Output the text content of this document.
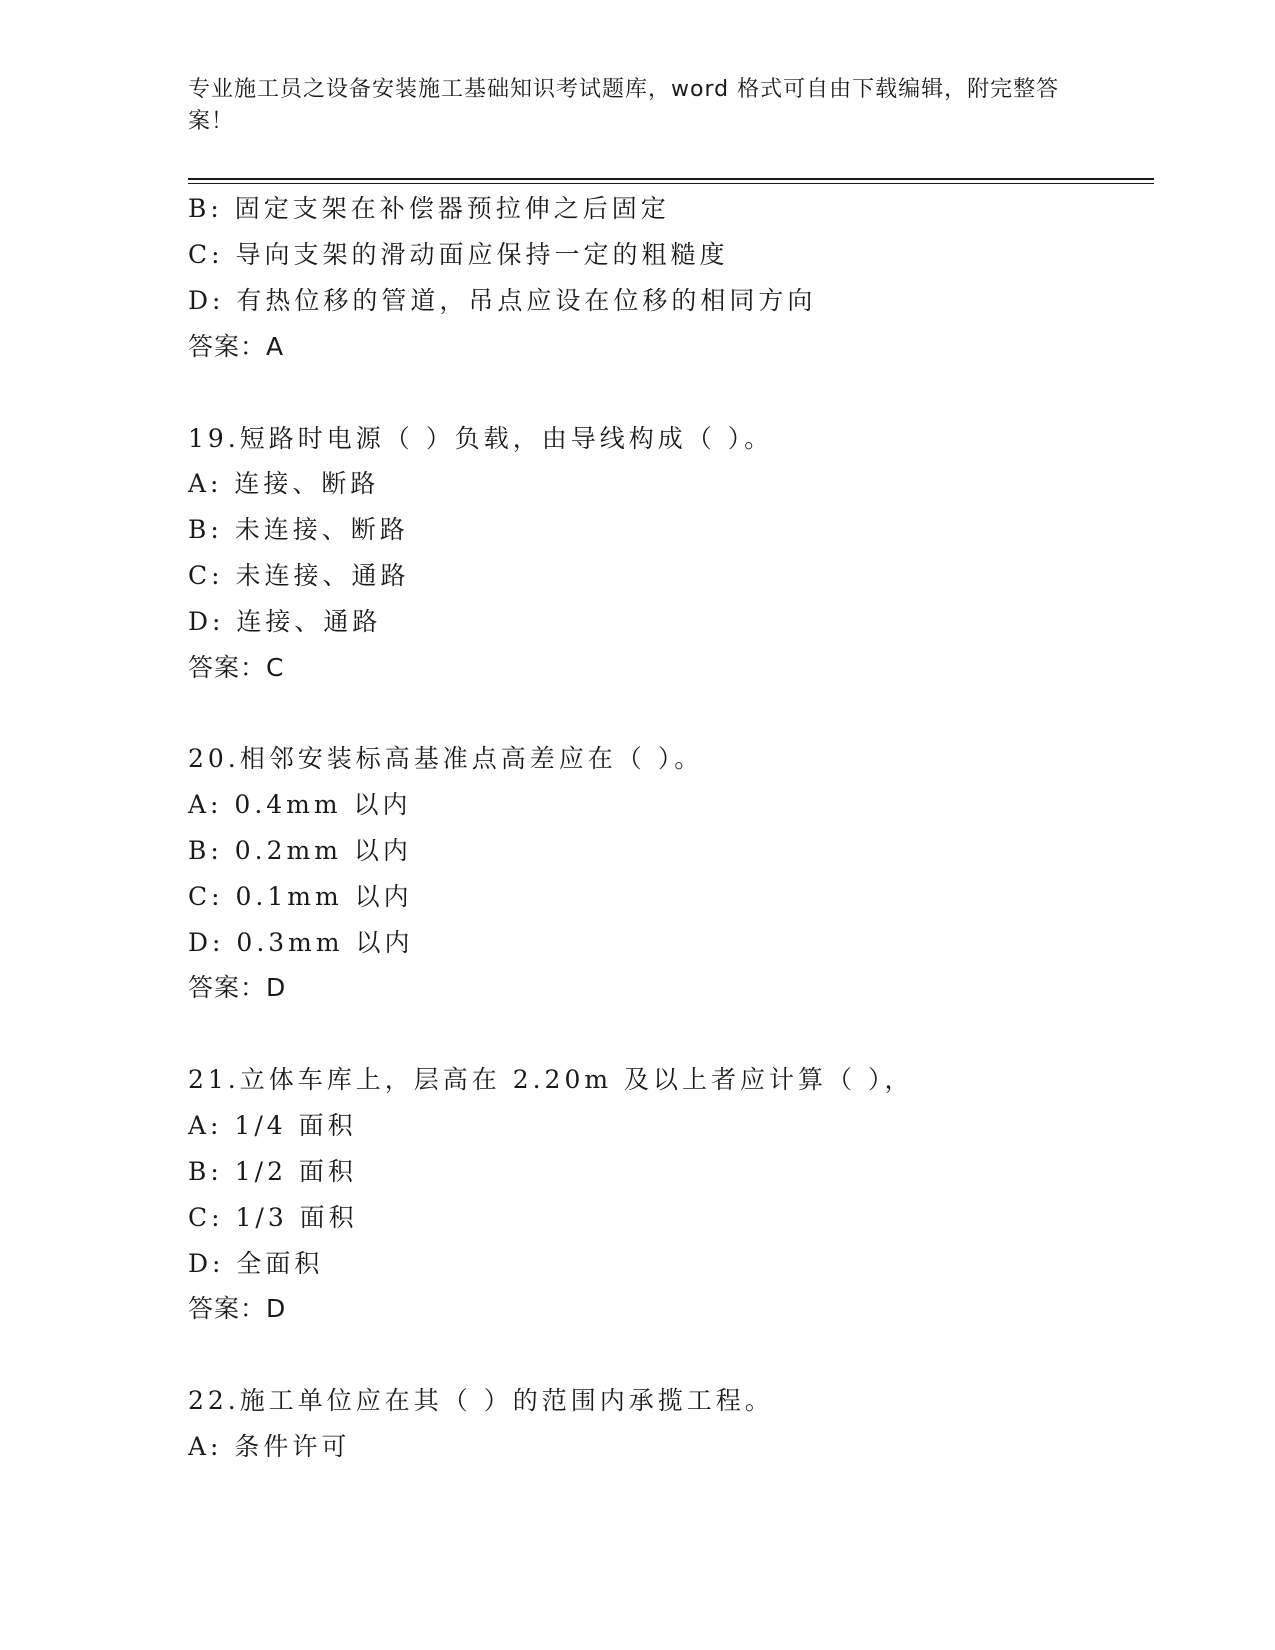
专业施工员之设备安装施工基础知识考试题库，word 格式可自由下载编辑，附完整答案！
B: 固定支架在补偿器预拉伸之后固定
C: 导向支架的滑动面应保持一定的粗糙度
D: 有热位移的管道，吊点应设在位移的相同方向
答案：A
19.短路时电源（ ）负载，由导线构成（ ）。
A: 连接、断路
B: 未连接、断路
C: 未连接、通路
D: 连接、通路
答案：C
20.相邻安装标高基准点高差应在（ ）。
A: 0.4mm 以内
B: 0.2mm 以内
C: 0.1mm 以内
D: 0.3mm 以内
答案：D
21.立体车库上，层高在 2.20m 及以上者应计算（ ），
A: 1/4 面积
B: 1/2 面积
C: 1/3 面积
D: 全面积
答案：D
22.施工单位应在其（ ）的范围内承揽工程。
A: 条件许可
